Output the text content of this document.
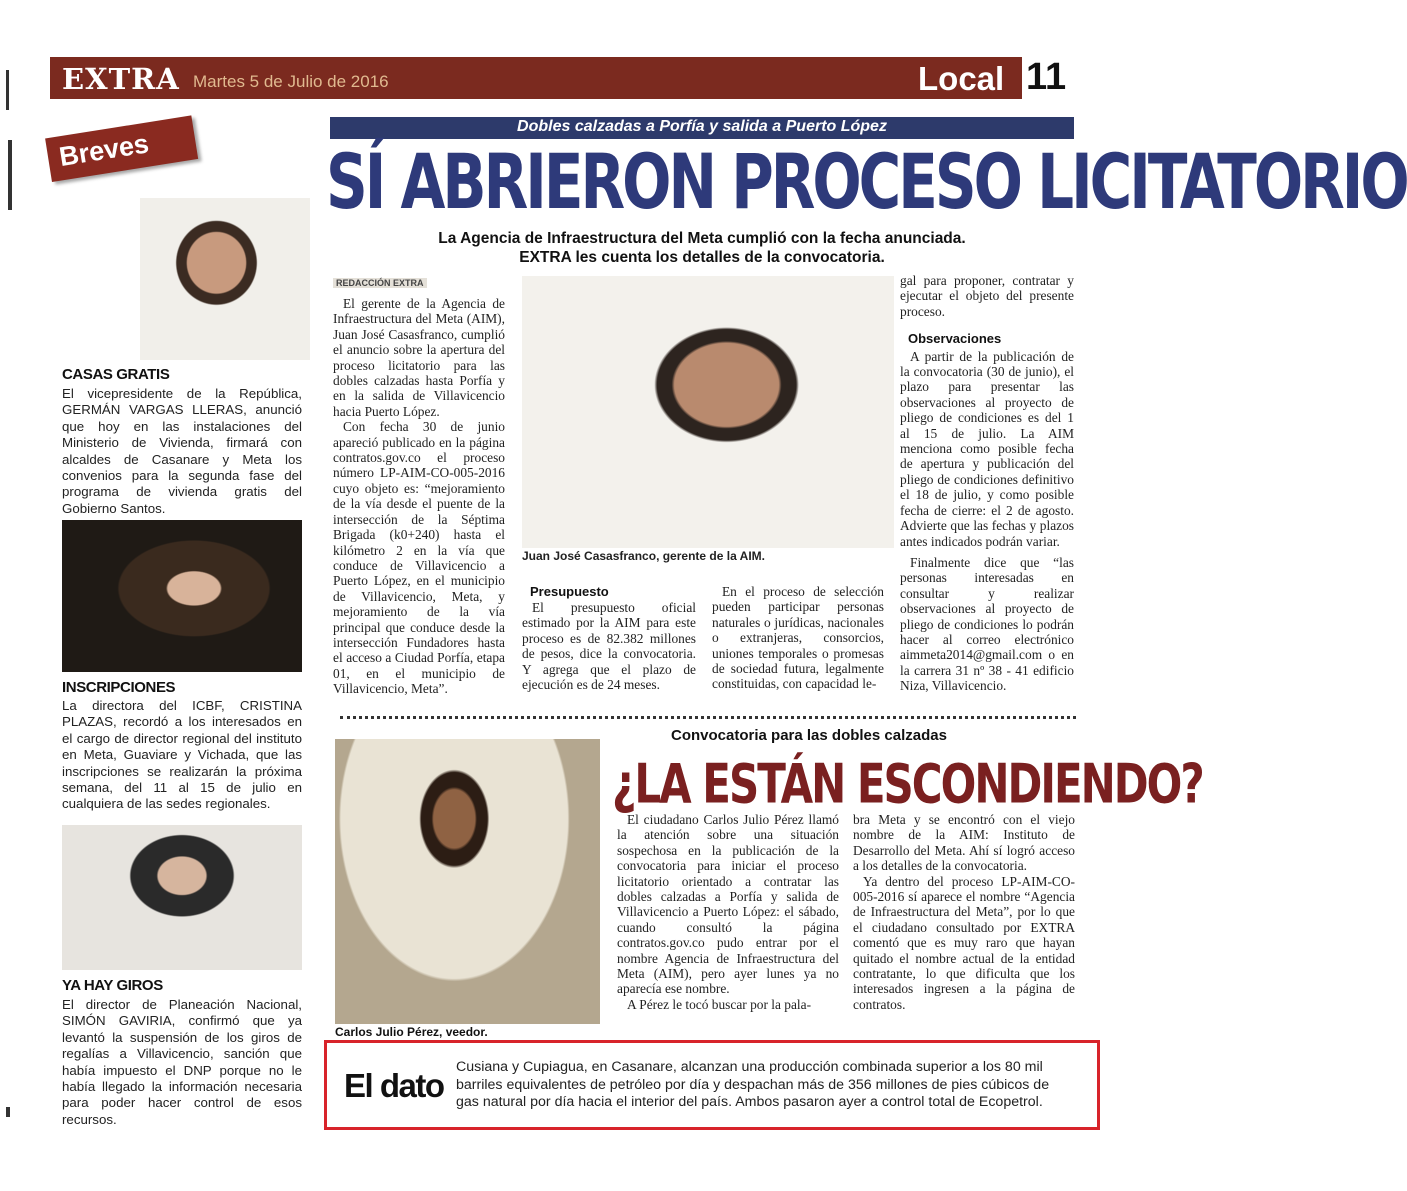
EXTRA Martes 5 de Julio de 2016	Local 11
Breves
CASAS GRATIS
El vicepresidente de la República, GERMÁN VARGAS LLERAS, anunció que hoy en las instalaciones del Ministerio de Vivienda, firmará con alcaldes de Casanare y Meta los convenios para la segunda fase del programa de vivienda gratis del Gobierno Santos.
INSCRIPCIONES
La directora del ICBF, CRISTINA PLAZAS, recordó a los interesados en el cargo de director regional del instituto en Meta, Guaviare y Vichada, que las inscripciones se realizarán la próxima semana, del 11 al 15 de julio en cualquiera de las sedes regionales.
YA HAY GIROS
El director de Planeación Nacional, SIMÓN GAVIRIA, confirmó que ya levantó la suspensión de los giros de regalías a Villavicencio, sanción que había impuesto el DNP porque no le había llegado la información necesaria para poder hacer control de esos recursos.
Dobles calzadas a Porfía y salida a Puerto López
SÍ ABRIERON PROCESO LICITATORIO
La Agencia de Infraestructura del Meta cumplió con la fecha anunciada.
EXTRA les cuenta los detalles de la convocatoria.
REDACCIÓN EXTRA

El gerente de la Agencia de Infraestructura del Meta (AIM), Juan José Casasfranco, cumplió el anuncio sobre la apertura del proceso licitatorio para las dobles calzadas hasta Porfía y en la salida de Villavicencio hacia Puerto López.

Con fecha 30 de junio apareció publicado en la página contratos.gov.co el proceso número LP-AIM-CO-005-2016 cuyo objeto es: “mejoramiento de la vía desde el puente de la intersección de la Séptima Brigada (k0+240) hasta el kilómetro 2 en la vía que conduce de Villavicencio a Puerto López, en el municipio de Villavicencio, Meta, y mejoramiento de la vía principal que conduce desde la intersección Fundadores hasta el acceso a Ciudad Porfía, etapa 01, en el municipio de Villavicencio, Meta”.

Juan José Casasfranco, gerente de la AIM.
Presupuesto

El presupuesto oficial estimado por la AIM para este proceso es de 82.382 millones de pesos, dice la convocatoria. Y agrega que el plazo de ejecución es de 24 meses.

En el proceso de selección pueden participar personas naturales o jurídicas, nacionales o extranjeras, consorcios, uniones temporales o promesas de sociedad futura, legalmente constituidas, con capacidad le-

gal para proponer, contratar y ejecutar el objeto del presente proceso.

Observaciones

A partir de la publicación de la convocatoria (30 de junio), el plazo para presentar las observaciones al proyecto de pliego de condiciones es del 1 al 15 de julio. La AIM menciona como posible fecha de apertura y publicación del pliego de condiciones definitivo el 18 de julio, y como posible fecha de cierre: el 2 de agosto. Advierte que las fechas y plazos antes indicados podrán variar.

Finalmente dice que “las personas interesadas en consultar y realizar observaciones al proyecto de pliego de condiciones lo podrán hacer al correo electrónico aimmeta2014@gmail.com o en la carrera 31 nº 38 - 41 edificio Niza, Villavicencio.

Carlos Julio Pérez, veedor.
Convocatoria para las dobles calzadas
¿LA ESTÁN ESCONDIENDO?

El ciudadano Carlos Julio Pérez llamó la atención sobre una situación sospechosa en la publicación de la convocatoria para iniciar el proceso licitatorio orientado a contratar las dobles calzadas a Porfía y salida de Villavicencio a Puerto López: el sábado, cuando consultó la página contratos.gov.co pudo entrar por el nombre Agencia de Infraestructura del Meta (AIM), pero ayer lunes ya no aparecía ese nombre.

A Pérez le tocó buscar por la pala-

bra Meta y se encontró con el viejo nombre de la AIM: Instituto de Desarrollo del Meta. Ahí sí logró acceso a los detalles de la convocatoria.

Ya dentro del proceso LP-AIM-CO-005-2016 sí aparece el nombre “Agencia de Infraestructura del Meta”, por lo que el ciudadano consultado por EXTRA comentó que es muy raro que hayan quitado el nombre actual de la entidad contratante, lo que dificulta que los interesados ingresen a la página de contratos.

El dato Cusiana y Cupiagua, en Casanare, alcanzan una producción combinada superior a los 80 mil barriles equivalentes de petróleo por día y despachan más de 356 millones de pies cúbicos de gas natural por día hacia el interior del país. Ambos pasaron ayer a control total de Ecopetrol.
